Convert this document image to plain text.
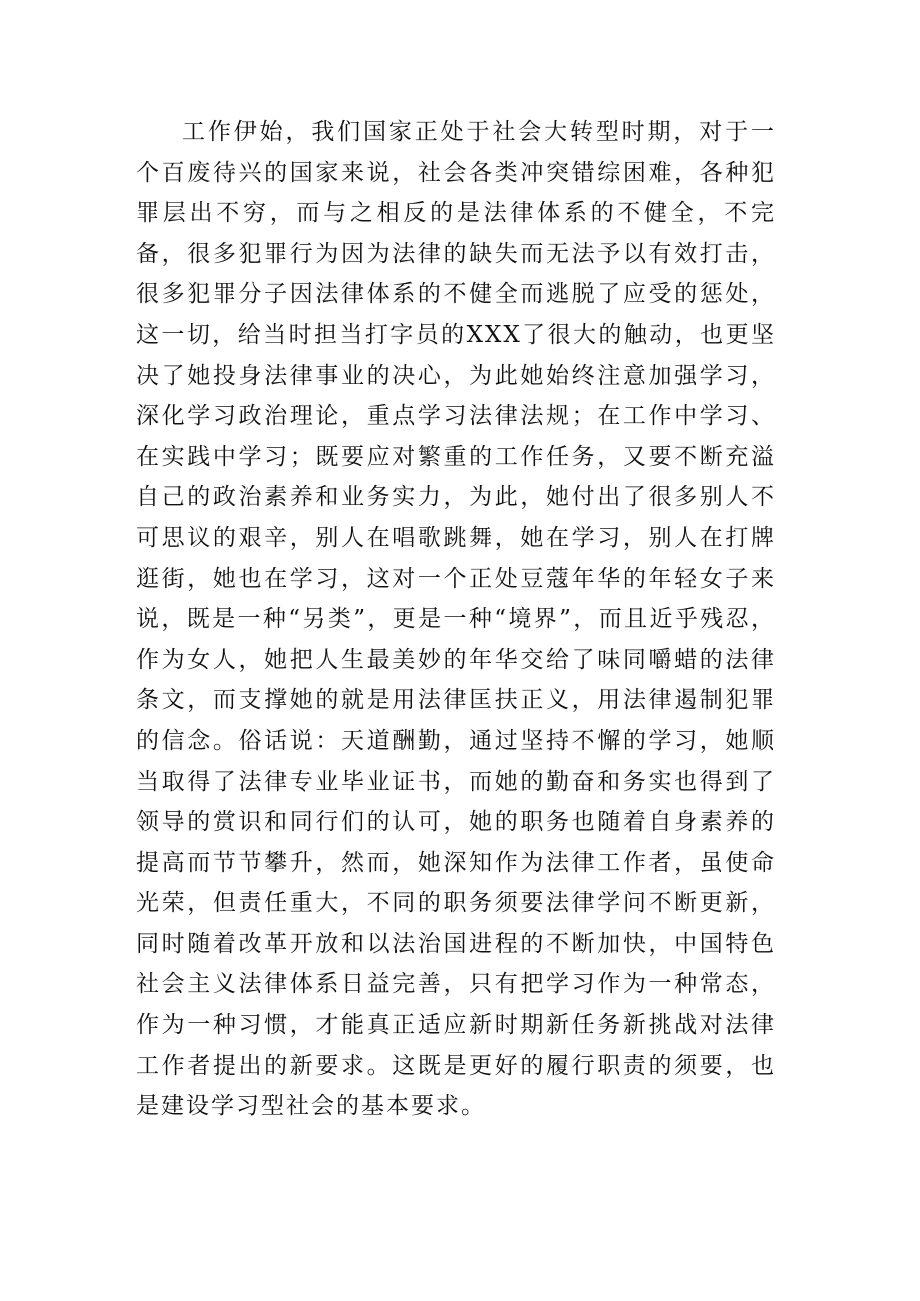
工作伊始，我们国家正处于社会大转型时期，对于一个百废待兴的国家来说，社会各类冲突错综困难，各种犯罪层出不穷，而与之相反的是法律体系的不健全，不完备，很多犯罪行为因为法律的缺失而无法予以有效打击，很多犯罪分子因法律体系的不健全而逃脱了应受的惩处，这一切，给当时担当打字员的XXX了很大的触动，也更坚决了她投身法律事业的决心，为此她始终注意加强学习，深化学习政治理论，重点学习法律法规；在工作中学习、在实践中学习；既要应对繁重的工作任务，又要不断充溢自己的政治素养和业务实力，为此，她付出了很多别人不可思议的艰辛，别人在唱歌跳舞，她在学习，别人在打牌逛街，她也在学习，这对一个正处豆蔻年华的年轻女子来说，既是一种“另类”，更是一种“境界”，而且近乎残忍，作为女人，她把人生最美妙的年华交给了味同嚼蜡的法律条文，而支撑她的就是用法律匡扶正义，用法律遏制犯罪的信念。俗话说：天道酬勤，通过坚持不懈的学习，她顺当取得了法律专业毕业证书，而她的勤奋和务实也得到了领导的赏识和同行们的认可，她的职务也随着自身素养的提高而节节攀升，然而，她深知作为法律工作者，虽使命光荣，但责任重大，不同的职务须要法律学问不断更新，同时随着改革开放和以法治国进程的不断加快，中国特色社会主义法律体系日益完善，只有把学习作为一种常态，作为一种习惯，才能真正适应新时期新任务新挑战对法律工作者提出的新要求。这既是更好的履行职责的须要，也是建设学习型社会的基本要求。
